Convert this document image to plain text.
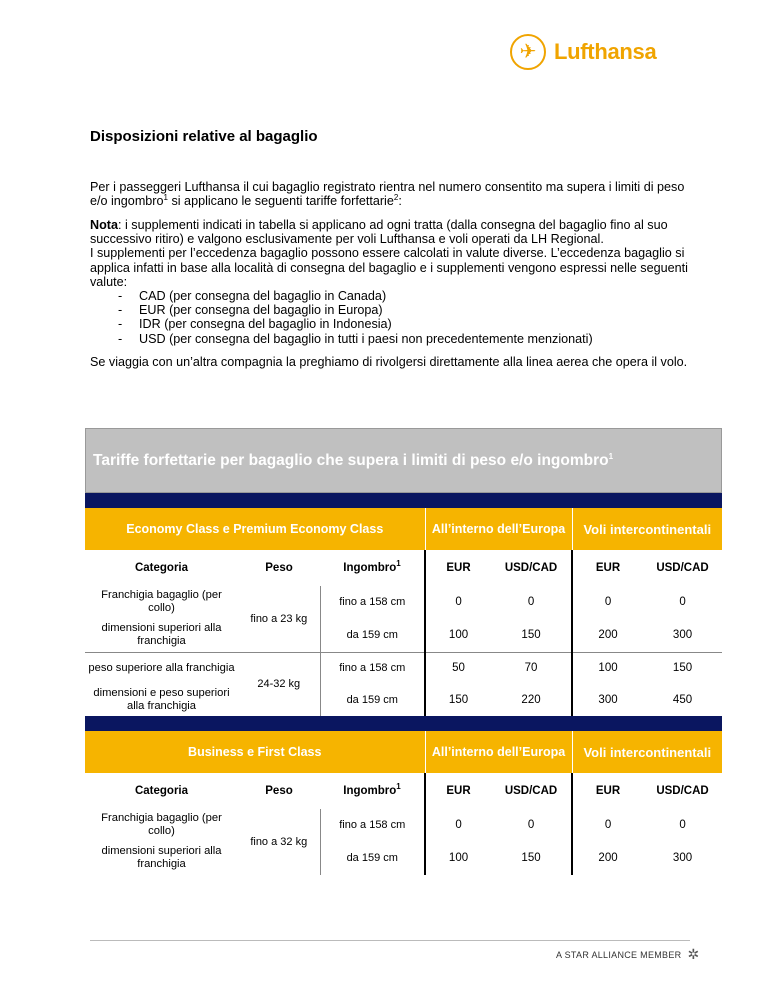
✈ Lufthansa
Disposizioni relative al bagaglio
Per i passeggeri Lufthansa il cui bagaglio registrato rientra nel numero consentito ma supera i limiti di peso e/o ingombro$^1$ si applicano le seguenti tariffe forfettarie$^2$:
Nota: i supplementi indicati in tabella si applicano ad ogni tratta (dalla consegna del bagaglio fino al suo successivo ritiro) e valgono esclusivamente per voli Lufthansa e voli operati da LH Regional.
I supplementi per l’eccedenza bagaglio possono essere calcolati in valute diverse. L’eccedenza bagaglio si applica infatti in base alla località di consegna del bagaglio e i supplementi vengono espressi nelle seguenti valute:
- CAD (per consegna del bagaglio in Canada)
- EUR (per consegna del bagaglio in Europa)
- IDR (per consegna del bagaglio in Indonesia)
- USD (per consegna del bagaglio in tutti i paesi non precedentemente menzionati)
Se viaggia con un’altra compagnia la preghiamo di rivolgersi direttamente alla linea aerea che opera il volo.
Tariffe forfettarie per bagaglio che supera i limiti di peso e/o ingombro$^1$
Economy Class e Premium Economy Class			All’interno dell’Europa		Voli intercontinentali	
Categoria	Peso	Ingombro$^1$	EUR	USD/CAD	EUR	USD/CAD
Franchigia bagaglio (per collo)	fino a 23 kg	fino a 158 cm	0	0	0	0
dimensioni superiori alla franchigia		da 159 cm	100	150	200	300
peso superiore alla franchigia	24-32 kg	fino a 158 cm	50	70	100	150
dimensioni e peso superiori alla franchigia		da 159 cm	150	220	300	450

Business e First Class			All’interno dell’Europa		Voli intercontinentali	
Categoria	Peso	Ingombro$^1$	EUR	USD/CAD	EUR	USD/CAD
Franchigia bagaglio (per collo)	fino a 32 kg	fino a 158 cm	0	0	0	0
dimensioni superiori alla franchigia		da 159 cm	100	150	200	300
A STAR ALLIANCE MEMBER ✲
